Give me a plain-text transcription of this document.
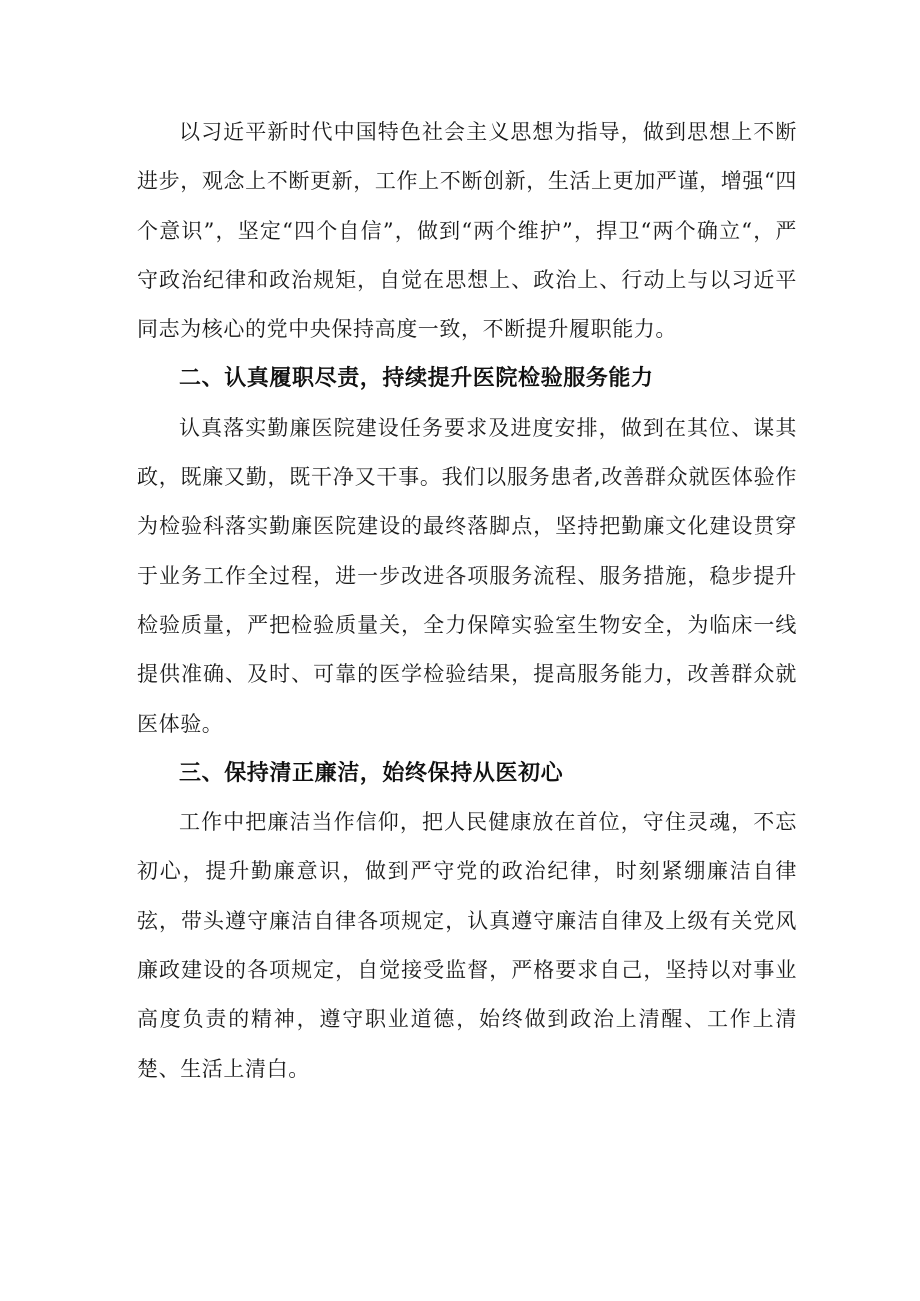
以习近平新时代中国特色社会主义思想为指导，做到思想上不断进步，观念上不断更新，工作上不断创新，生活上更加严谨，增强“四个意识”，坚定“四个自信”，做到“两个维护”，捍卫“两个确立“，严守政治纪律和政治规矩，自觉在思想上、政治上、行动上与以习近平同志为核心的党中央保持高度一致，不断提升履职能力。

二、认真履职尽责，持续提升医院检验服务能力

认真落实勤廉医院建设任务要求及进度安排，做到在其位、谋其政，既廉又勤，既干净又干事。我们以服务患者,改善群众就医体验作为检验科落实勤廉医院建设的最终落脚点，坚持把勤廉文化建设贯穿于业务工作全过程，进一步改进各项服务流程、服务措施，稳步提升检验质量，严把检验质量关，全力保障实验室生物安全，为临床一线提供准确、及时、可靠的医学检验结果，提高服务能力，改善群众就医体验。

三、保持清正廉洁，始终保持从医初心

工作中把廉洁当作信仰，把人民健康放在首位，守住灵魂，不忘初心，提升勤廉意识，做到严守党的政治纪律，时刻紧绷廉洁自律弦，带头遵守廉洁自律各项规定，认真遵守廉洁自律及上级有关党风廉政建设的各项规定，自觉接受监督，严格要求自己，坚持以对事业高度负责的精神，遵守职业道德，始终做到政治上清醒、工作上清楚、生活上清白。
